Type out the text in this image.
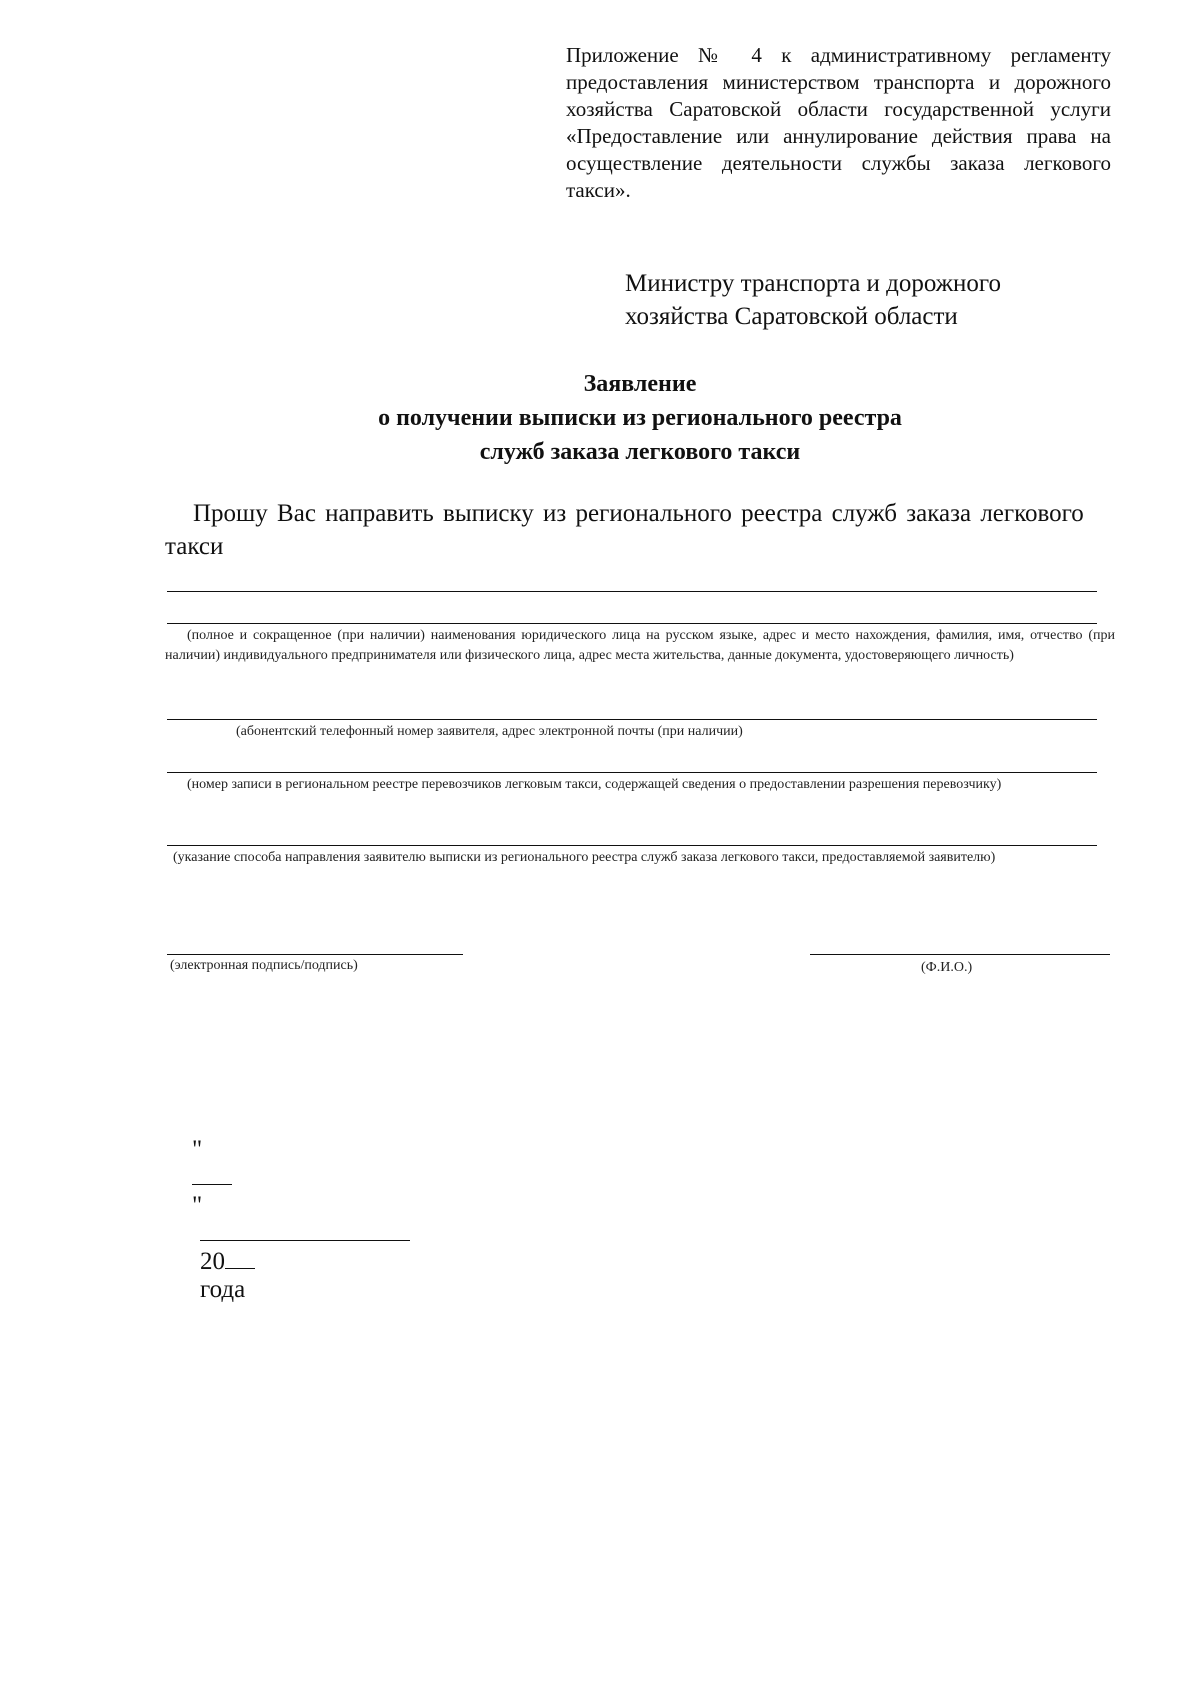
Приложение № 4 к административному регламенту предоставления министерством транспорта и дорожного хозяйства Саратовской области государственной услуги «Предоставление или аннулирование действия права на осуществление деятельности службы заказа легкового такси».
Министру транспорта и дорожного
хозяйства Саратовской области
Заявление
о получении выписки из регионального реестра
служб заказа легкового такси
Прошу Вас направить выписку из регионального реестра служб заказа легкового такси
(полное и сокращенное (при наличии) наименования юридического лица на русском языке, адрес и место нахождения, фамилия, имя, отчество (при наличии) индивидуального предпринимателя или физического лица, адрес места жительства, данные документа, удостоверяющего личность)
(абонентский телефонный номер заявителя, адрес электронной почты (при наличии)
(номер записи в региональном реестре перевозчиков легковым такси, содержащей сведения о предоставлении разрешения перевозчику)
(указание способа направления заявителю выписки из регионального реестра служб заказа легкового такси, предоставляемой заявителю)
(электронная подпись/подпись)	(Ф.И.О.)

"

"

20
года
